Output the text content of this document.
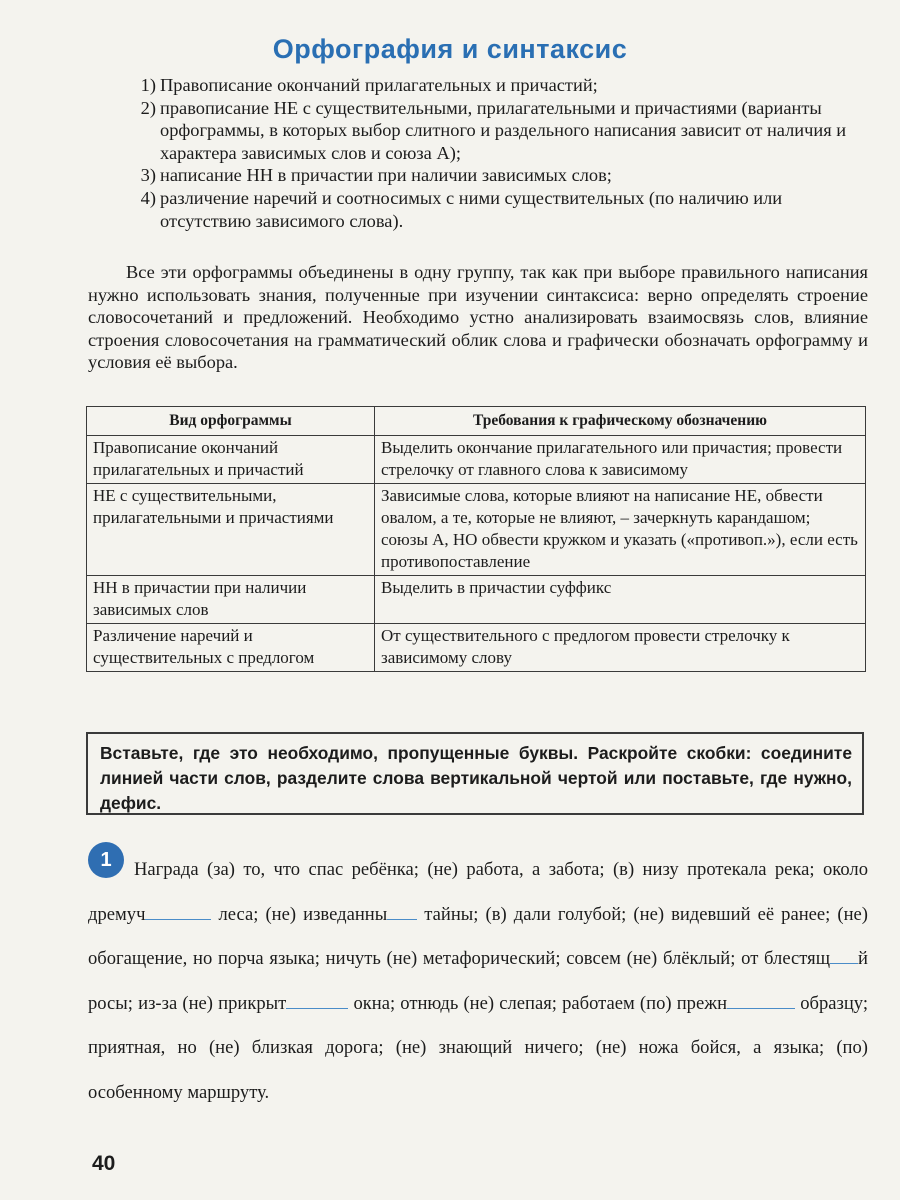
Орфография и синтаксис
1) Правописание окончаний прилагательных и причастий;
2) правописание НЕ с существительными, прилагательными и причастиями (варианты орфограммы, в которых выбор слитного и раздельного написания зависит от наличия и характера зависимых слов и союза А);
3) написание НН в причастии при наличии зависимых слов;
4) различение наречий и соотносимых с ними существительных (по наличию или отсутствию зависимого слова).

Все эти орфограммы объединены в одну группу, так как при выборе правильного написания нужно использовать знания, полученные при изучении синтаксиса: верно определять строение словосочетаний и предложений. Необходимо устно анализировать взаимосвязь слов, влияние строения словосочетания на грамматический облик слова и графически обозначать орфограмму и условия её выбора.

Вид орфограммы	Требования к графическому обозначению
Правописание окончаний прилагательных и причастий	Выделить окончание прилагательного или причастия; провести стрелочку от главного слова к зависимому
НЕ с существительными, прилагательными и причастиями	Зависимые слова, которые влияют на написание НЕ, обвести овалом, а те, которые не влияют, – зачеркнуть карандашом; союзы А, НО обвести кружком и указать («противоп.»), если есть противопоставление
НН в причастии при наличии зависимых слов	Выделить в причастии суффикс
Различение наречий и существительных с предлогом	От существительного с предлогом провести стрелочку к зависимому слову
Вставьте, где это необходимо, пропущенные буквы. Раскройте скобки: соедините линией части слов, разделите слова вертикальной чертой или поставьте, где нужно, дефис.
1	Награда (за) то, что спас ребёнка; (не) работа, а забота; (в) низу протекала река; около дремуч	леса; (не) изведанны тайны; (в) дали голубой; (не) видевший её ранее; (не) обогащение, но порча языка; ничуть (не) метафорический; совсем (не) блёклый; от блестящ й росы; из-за (не) прикрыт	окна; отнюдь (не) слепая; работаем (по) прежн	образцу; приятная, но (не) близкая дорога; (не) знающий ничего; (не) ножа бойся, а языка; (по) особенному маршруту.

40
